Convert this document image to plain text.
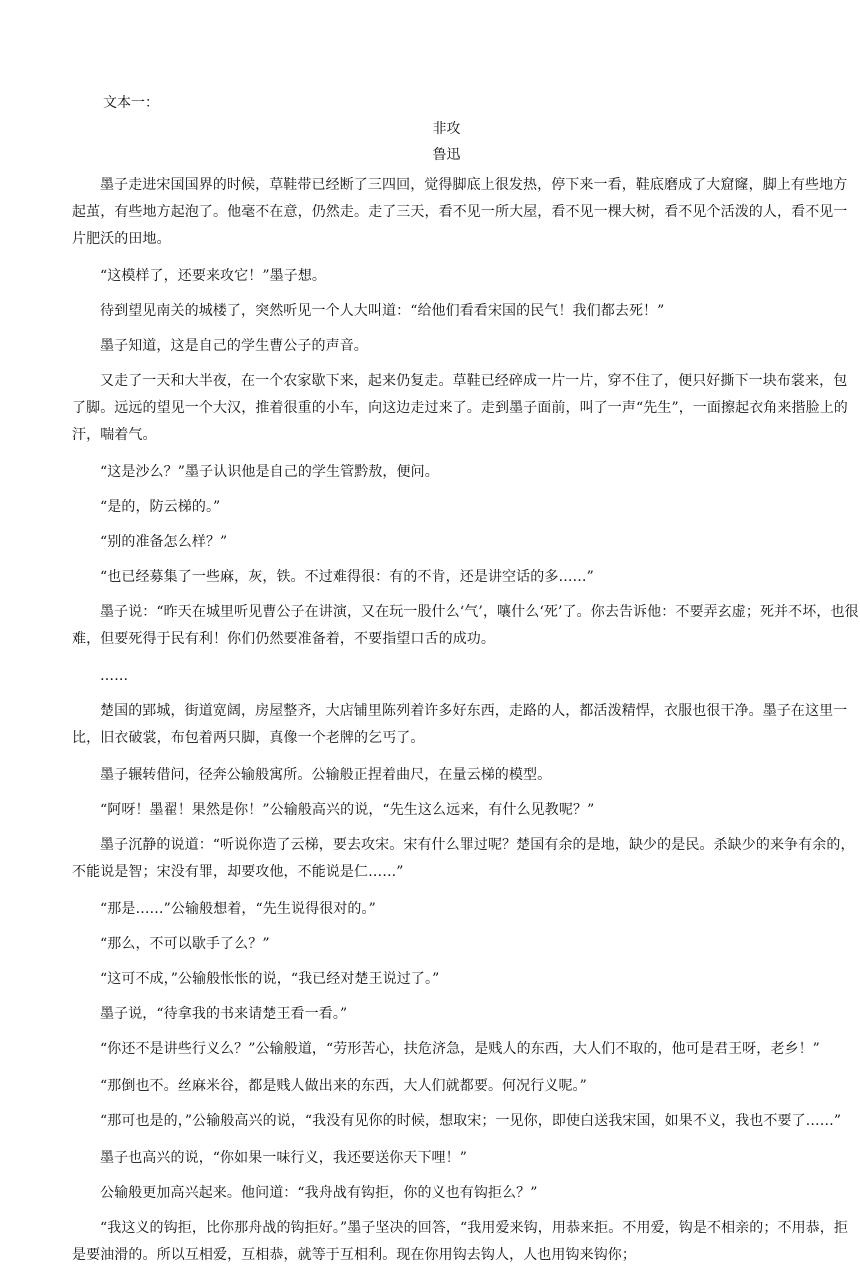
文本一：
非攻
鲁迅

墨子走进宋国国界的时候，草鞋带已经断了三四回，觉得脚底上很发热，停下来一看，鞋底磨成了大窟窿，脚上有些地方起茧，有些地方起泡了。他毫不在意，仍然走。走了三天，看不见一所大屋，看不见一棵大树，看不见个活泼的人，看不见一片肥沃的田地。

“这模样了，还要来攻它！”墨子想。

待到望见南关的城楼了，突然听见一个人大叫道：“给他们看看宋国的民气！我们都去死！”

墨子知道，这是自己的学生曹公子的声音。

又走了一天和大半夜，在一个农家歇下来，起来仍复走。草鞋已经碎成一片一片，穿不住了，便只好撕下一块布裳来，包了脚。远远的望见一个大汉，推着很重的小车，向这边走过来了。走到墨子面前，叫了一声“先生”，一面擦起衣角来揩脸上的汗，喘着气。

“这是沙么？”墨子认识他是自己的学生管黔敖，便问。

“是的，防云梯的。”

“别的准备怎么样？”

“也已经募集了一些麻，灰，铁。不过难得很：有的不肯，还是讲空话的多……”

墨子说：“昨天在城里听见曹公子在讲演，又在玩一股什么‘气’，嚷什么‘死’了。你去告诉他：不要弄玄虚；死并不坏，也很难，但要死得于民有利！你们仍然要准备着，不要指望口舌的成功。

……

楚国的郢城，街道宽阔，房屋整齐，大店铺里陈列着许多好东西，走路的人，都活泼精悍，衣服也很干净。墨子在这里一比，旧衣破裳，布包着两只脚，真像一个老牌的乞丐了。

墨子辗转借问，径奔公输般寓所。公输般正捏着曲尺，在量云梯的模型。

“阿呀！墨翟！果然是你！”公输般高兴的说，“先生这么远来，有什么见教呢？”

墨子沉静的说道：“听说你造了云梯，要去攻宋。宋有什么罪过呢？楚国有余的是地，缺少的是民。杀缺少的来争有余的，不能说是智；宋没有罪，却要攻他，不能说是仁……”

“那是……”公输般想着，“先生说得很对的。”

“那么，不可以歇手了么？”

“这可不成，”公输般怅怅的说，“我已经对楚王说过了。”

墨子说，“待拿我的书来请楚王看一看。”

“你还不是讲些行义么？”公输般道，“劳形苦心，扶危济急，是贱人的东西，大人们不取的，他可是君王呀，老乡！”

“那倒也不。丝麻米谷，都是贱人做出来的东西，大人们就都要。何况行义呢。”

“那可也是的，”公输般高兴的说，“我没有见你的时候，想取宋；一见你，即使白送我宋国，如果不义，我也不要了……”

墨子也高兴的说，“你如果一味行义，我还要送你天下哩！”

公输般更加高兴起来。他问道：“我舟战有钩拒，你的义也有钩拒么？”

“我这义的钩拒，比你那舟战的钩拒好。”墨子坚决的回答，“我用爱来钩，用恭来拒。不用爱，钩是不相亲的；不用恭，拒是要油滑的。所以互相爱，互相恭，就等于互相利。现在你用钩去钩人，人也用钩来钩你；
